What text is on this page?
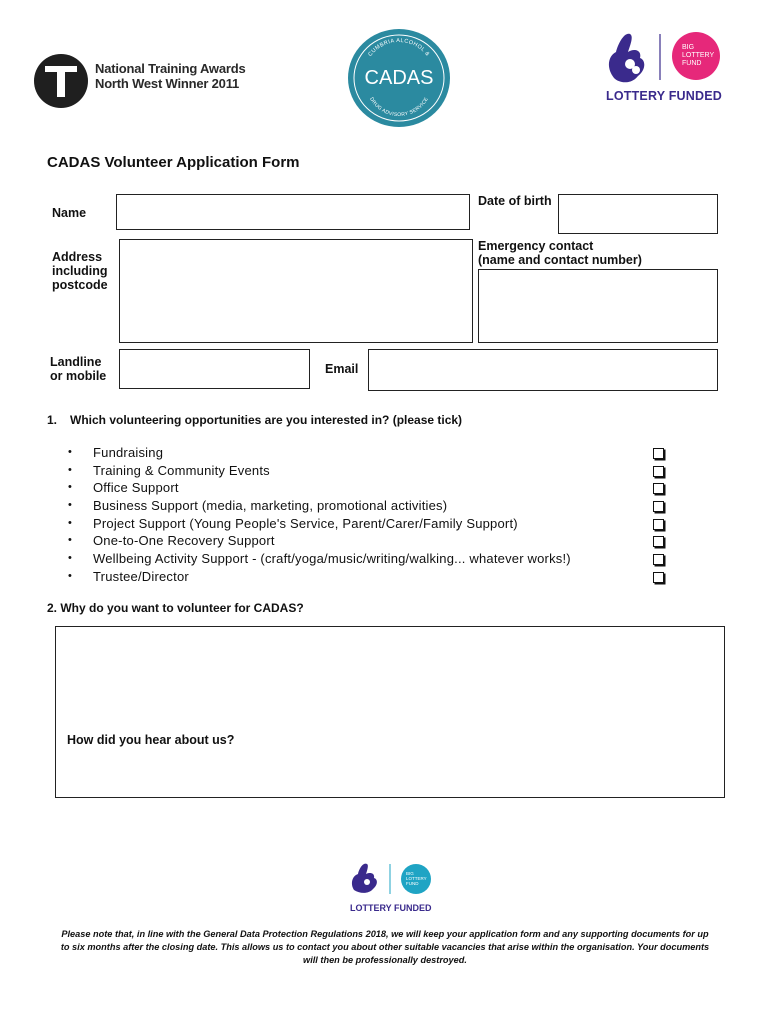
National Training Awards
North West Winner 2011
CUMBRIA ALCOHOL &
CADAS
DRUG ADVISORY SERVICE
BIG
LOTTERY
FUND
LOTTERY FUNDED
CADAS Volunteer Application Form
Name
Date of birth
Address including postcode
Emergency contact
(name and contact number)
Landline or mobile	Email
1. Which volunteering opportunities are you interested in? (please tick)
•	Fundraising
•	Training & Community Events
•	Office Support
•	Business Support (media, marketing, promotional activities)
•	Project Support (Young People's Service, Parent/Carer/Family Support)
•	One-to-One Recovery Support
•	Wellbeing Activity Support - (craft/yoga/music/writing/walking... whatever works!)
•	Trustee/Director
2. Why do you want to volunteer for CADAS?
How did you hear about us?
BIG
LOTTERY
FUND
LOTTERY FUNDED
Please note that, in line with the General Data Protection Regulations 2018, we will keep your application form and any supporting documents for up to six months after the closing date. This allows us to contact you about other suitable vacancies that arise within the organisation. Your documents will then be professionally destroyed.
